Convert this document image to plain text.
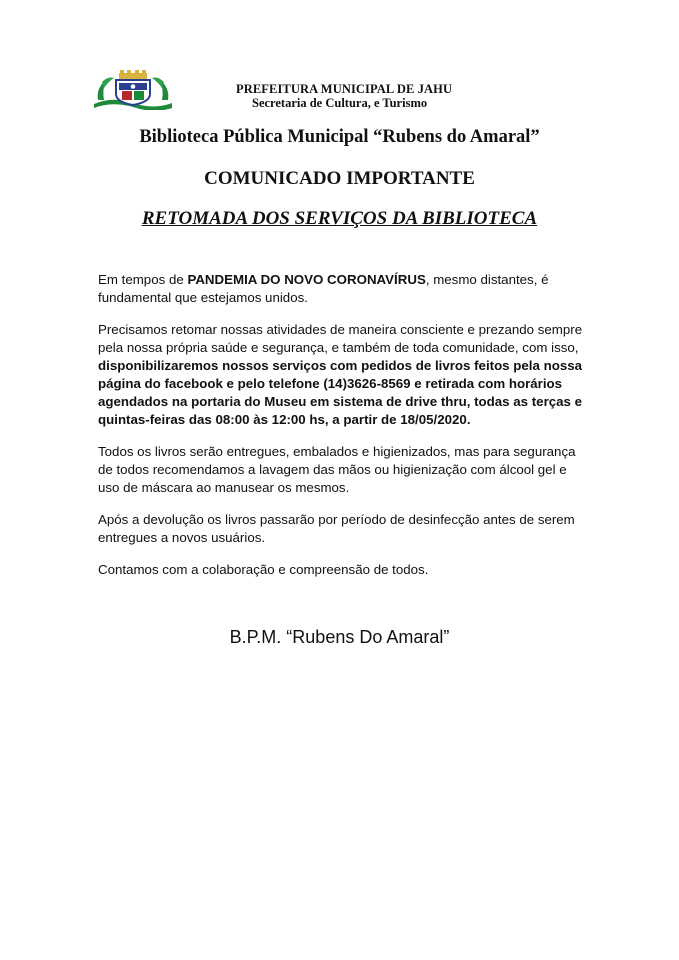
PREFEITURA MUNICIPAL DE JAHU
Secretaria de Cultura, e Turismo
Biblioteca Pública Municipal “Rubens do Amaral”
COMUNICADO IMPORTANTE
RETOMADA DOS SERVIÇOS DA BIBLIOTECA

Em tempos de PANDEMIA DO NOVO CORONAVÍRUS, mesmo distantes, é fundamental que estejamos unidos.

Precisamos retomar nossas atividades de maneira consciente e prezando sempre pela nossa própria saúde e segurança, e também de toda comunidade, com isso, disponibilizaremos nossos serviços com pedidos de livros feitos pela nossa página do facebook e pelo telefone (14)3626-8569 e retirada com horários agendados na portaria do Museu em sistema de drive thru, todas as terças e quintas-feiras das 08:00 às 12:00 hs, a partir de 18/05/2020.

Todos os livros serão entregues, embalados e higienizados, mas para segurança de todos recomendamos a lavagem das mãos ou higienização com álcool gel e uso de máscara ao manusear os mesmos.

Após a devolução os livros passarão por período de desinfecção antes de serem entregues a novos usuários.

Contamos com a colaboração e compreensão de todos.

B.P.M. “Rubens Do Amaral”
